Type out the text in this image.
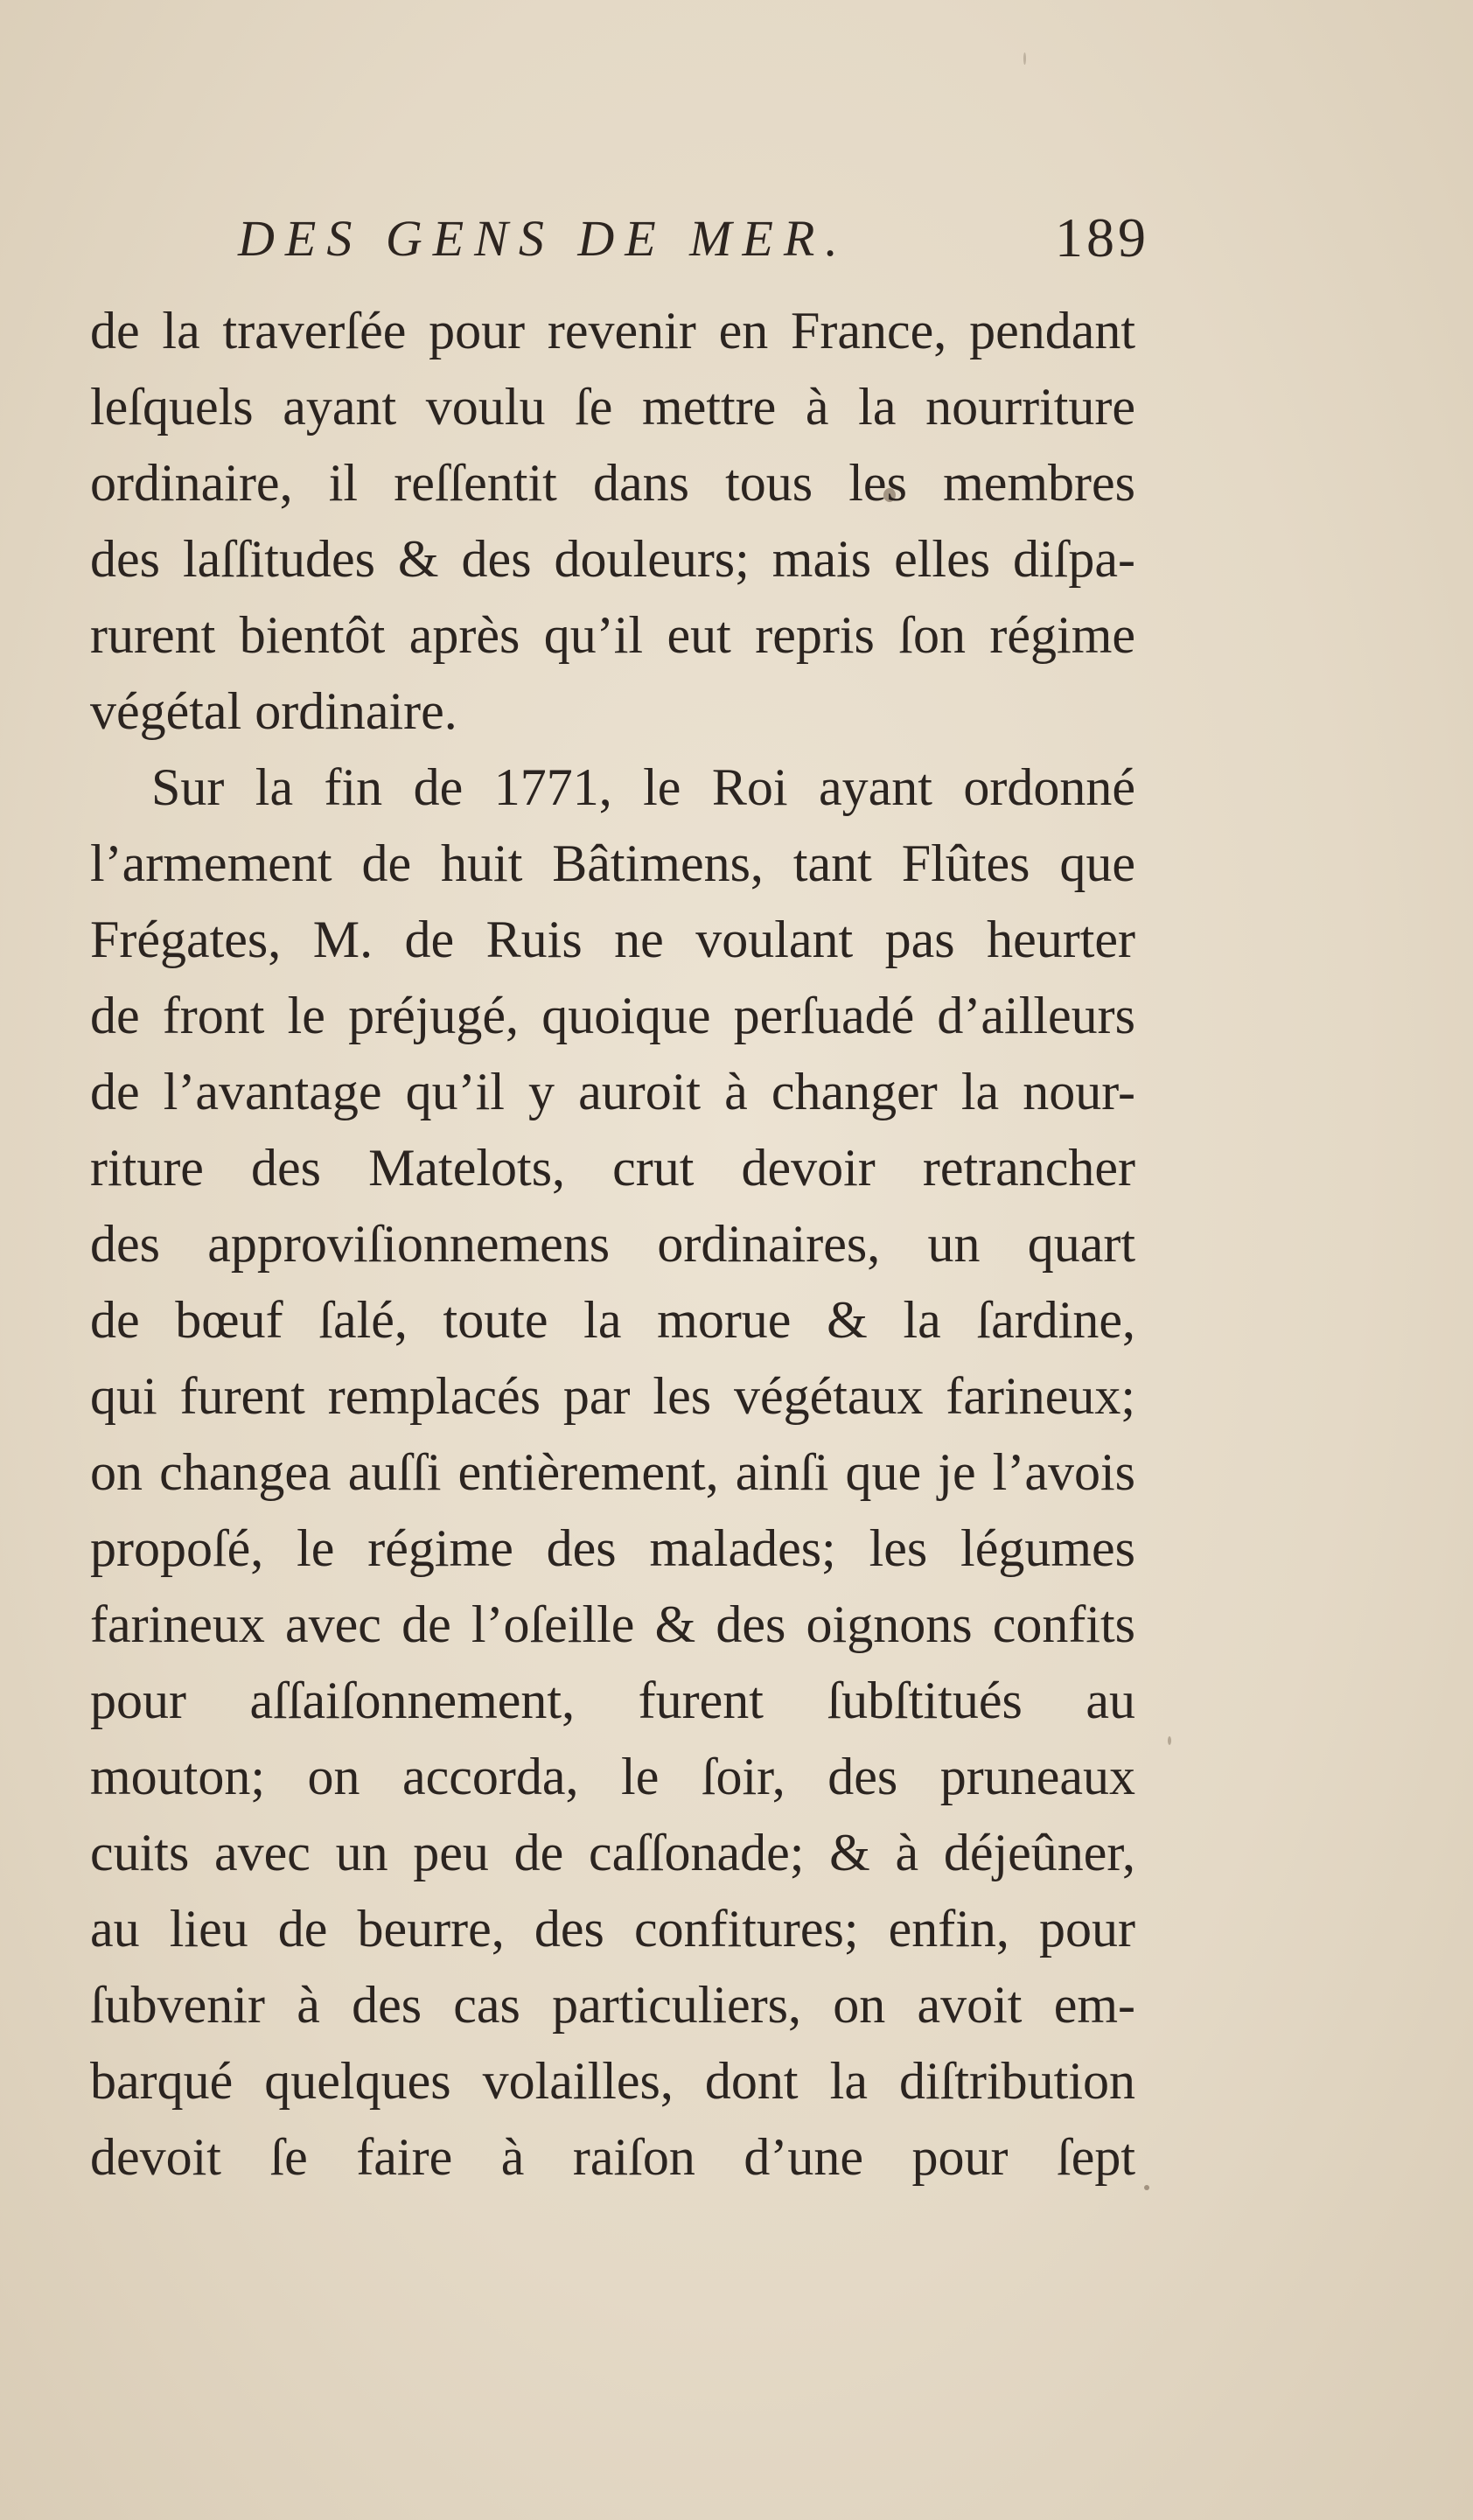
DES GENS DE MER.	189
de la traverſée pour revenir en France, pendant
leſquels ayant voulu ſe mettre à la nourriture
ordinaire, il reſſentit dans tous les membres
des laſſitudes & des douleurs; mais elles diſpa-
rurent bientôt après qu’il eut repris ſon régime
végétal ordinaire.
Sur la fin de 1771, le Roi ayant ordonné
l’armement de huit Bâtimens, tant Flûtes que
Frégates, M. de Ruis ne voulant pas heurter
de front le préjugé, quoique perſuadé d’ailleurs
de l’avantage qu’il y auroit à changer la nour-
riture des Matelots, crut devoir retrancher
des approviſionnemens ordinaires, un quart
de bœuf ſalé, toute la morue & la ſardine,
qui furent remplacés par les végétaux farineux;
on changea auſſi entièrement, ainſi que je l’avois
propoſé, le régime des malades; les légumes
farineux avec de l’oſeille & des oignons confits
pour aſſaiſonnement, furent ſubſtitués au
mouton; on accorda, le ſoir, des pruneaux
cuits avec un peu de caſſonade; & à déjeûner,
au lieu de beurre, des confitures; enfin, pour
ſubvenir à des cas particuliers, on avoit em-
barqué quelques volailles, dont la diſtribution
devoit ſe faire à raiſon d’une pour ſept
